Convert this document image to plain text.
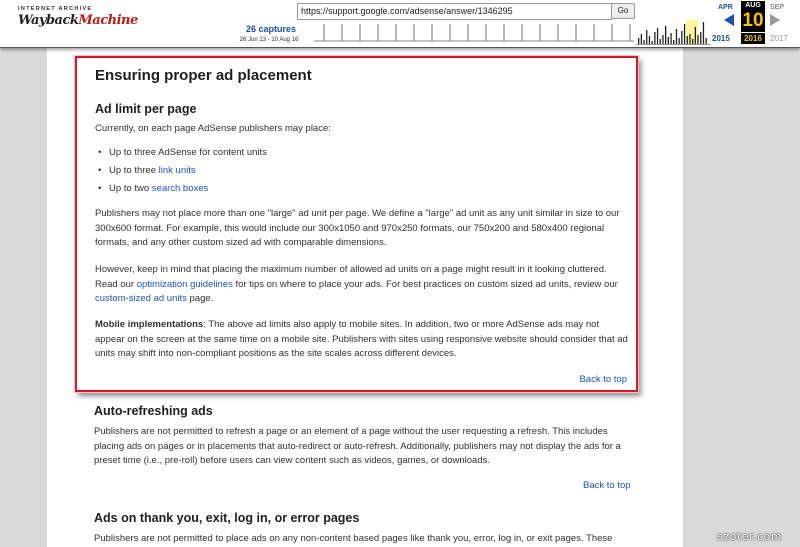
INTERNET ARCHIVE
WaybackMachine
https://support.google.com/adsense/answer/1346295	Go
26 captures
26 Jun 13 - 10 Aug 16
APR	AUG	SEP
10
2015	2016	2017
Ensuring proper ad placement
Ad limit per page
Currently, on each page AdSense publishers may place:
• Up to three AdSense for content units
• Up to three link units
• Up to two search boxes
Publishers may not place more than one "large" ad unit per page. We define a "large" ad unit as any unit similar in size to our 300x600 format. For example, this would include our 300x1050 and 970x250 formats, our 750x200 and 580x400 regional formats, and any other custom sized ad with comparable dimensions.
However, keep in mind that placing the maximum number of allowed ad units on a page might result in it looking cluttered. Read our optimization guidelines for tips on where to place your ads. For best practices on custom sized ad units, review our custom-sized ad units page.
Mobile implementations: The above ad limits also apply to mobile sites. In addition, two or more AdSense ads may not appear on the screen at the same time on a mobile site. Publishers with sites using responsive website should consider that ad units may shift into non-compliant positions as the site scales across different devices.
Back to top
Auto-refreshing ads
Publishers are not permitted to refresh a page or an element of a page without the user requesting a refresh. This includes placing ads on pages or in placements that auto-redirect or auto-refresh. Additionally, publishers may not display the ads for a preset time (i.e., pre-roll) before users can view content such as videos, games, or downloads.
Back to top
Ads on thank you, exit, log in, or error pages
Publishers are not permitted to place ads on any non-content based pages like thank you, error, log in, or exit pages. These	szoter.com
